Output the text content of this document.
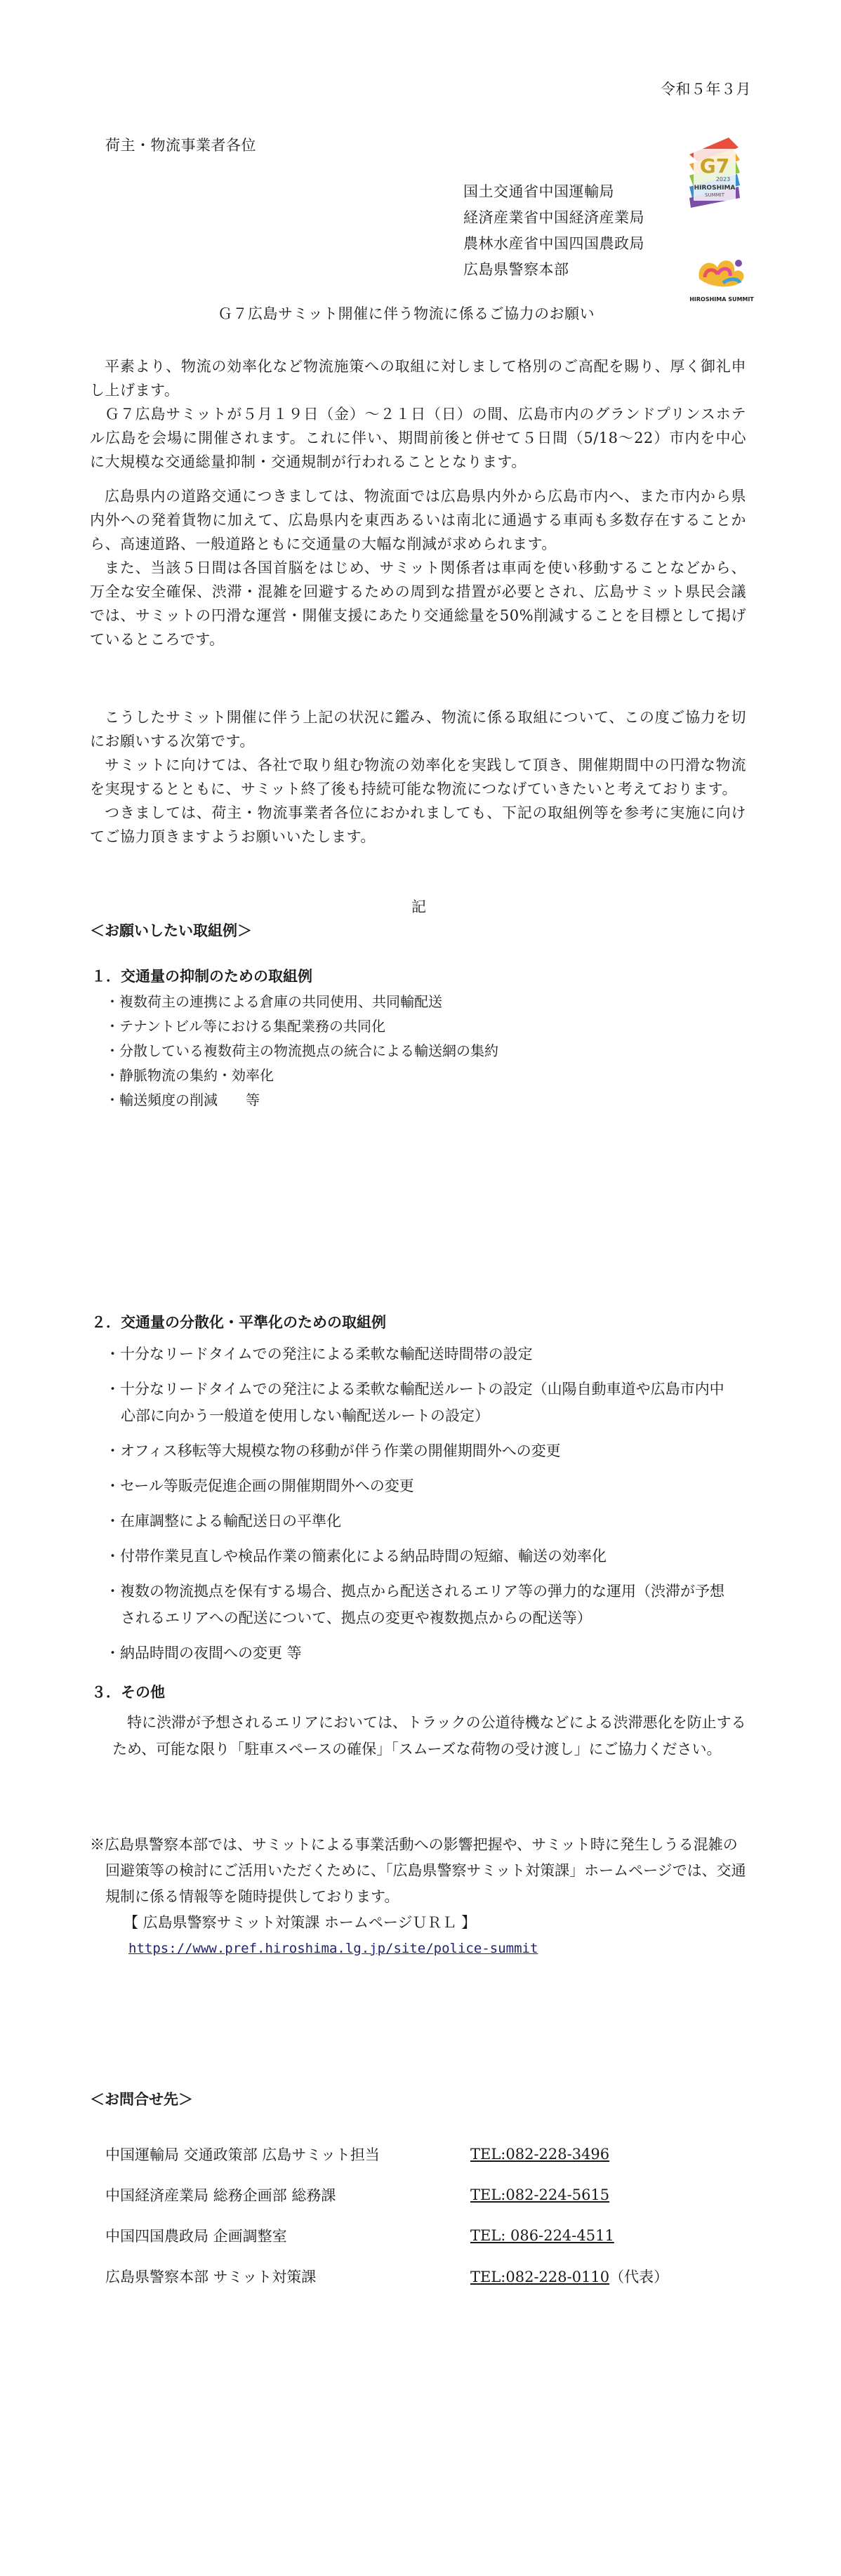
令和５年３月
荷主・物流事業者各位
G7
2023
HIROSHIMA
SUMMIT
HIROSHIMA SUMMIT
国土交通省中国運輸局
経済産業省中国経済産業局
農林水産省中国四国農政局
広島県警察本部
Ｇ７広島サミット開催に伴う物流に係るご協力のお願い

平素より、物流の効率化など物流施策への取組に対しまして格別のご高配を賜り、厚く御礼申し上げます。

Ｇ７広島サミットが５月１９日（金）～２１日（日）の間、広島市内のグランドプリンスホテル広島を会場に開催されます。これに伴い、期間前後と併せて５日間（5/18～22）市内を中心に大規模な交通総量抑制・交通規制が行われることとなります。

広島県内の道路交通につきましては、物流面では広島県内外から広島市内へ、また市内から県内外への発着貨物に加えて、広島県内を東西あるいは南北に通過する車両も多数存在することから、高速道路、一般道路ともに交通量の大幅な削減が求められます。

また、当該５日間は各国首脳をはじめ、サミット関係者は車両を使い移動することなどから、万全な安全確保、渋滞・混雑を回避するための周到な措置が必要とされ、広島サミット県民会議では、サミットの円滑な運営・開催支援にあたり交通総量を50%削減することを目標として掲げているところです。

こうしたサミット開催に伴う上記の状況に鑑み、物流に係る取組について、この度ご協力を切にお願いする次第です。

サミットに向けては、各社で取り組む物流の効率化を実践して頂き、開催期間中の円滑な物流を実現するとともに、サミット終了後も持続可能な物流につなげていきたいと考えております。

つきましては、荷主・物流事業者各位におかれましても、下記の取組例等を参考に実施に向けてご協力頂きますようお願いいたします。

記
＜お願いしたい取組例＞
１．交通量の抑制のための取組例
・複数荷主の連携による倉庫の共同使用、共同輸配送
・テナントビル等における集配業務の共同化
・分散している複数荷主の物流拠点の統合による輸送網の集約
・静脈物流の集約・効率化
・輸送頻度の削減　　等
２．交通量の分散化・平準化のための取組例
・十分なリードタイムでの発注による柔軟な輸配送時間帯の設定
・十分なリードタイムでの発注による柔軟な輸配送ルートの設定（山陽自動車道や広島市内中心部に向かう一般道を使用しない輸配送ルートの設定）
・オフィス移転等大規模な物の移動が伴う作業の開催期間外への変更
・セール等販売促進企画の開催期間外への変更
・在庫調整による輸配送日の平準化
・付帯作業見直しや検品作業の簡素化による納品時間の短縮、輸送の効率化
・複数の物流拠点を保有する場合、拠点から配送されるエリア等の弾力的な運用（渋滞が予想されるエリアへの配送について、拠点の変更や複数拠点からの配送等）
・納品時間の夜間への変更 等
３．その他
特に渋滞が予想されるエリアにおいては、トラックの公道待機などによる渋滞悪化を防止するため、可能な限り「駐車スペースの確保」「スムーズな荷物の受け渡し」にご協力ください。
※広島県警察本部では、サミットによる事業活動への影響把握や、サミット時に発生しうる混雑の回避策等の検討にご活用いただくために、「広島県警察サミット対策課」ホームページでは、交通規制に係る情報等を随時提供しております。
【 広島県警察サミット対策課 ホームページＵＲＬ 】
https://www.pref.hiroshima.lg.jp/site/police-summit
＜お問合せ先＞
中国運輸局 交通政策部 広島サミット担当	TEL:082-228-3496
中国経済産業局 総務企画部 総務課	TEL:082-224-5615
中国四国農政局 企画調整室	TEL: 086-224-4511
広島県警察本部 サミット対策課	TEL:082-228-0110（代表）
